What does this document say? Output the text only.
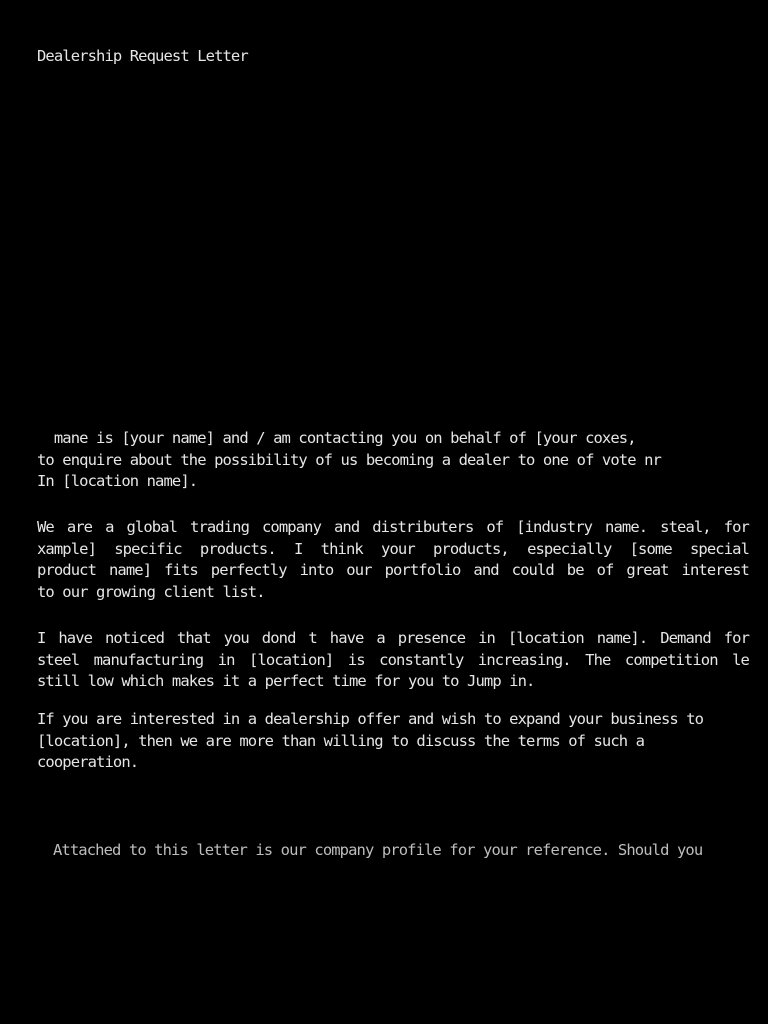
Dealership Request Letter

mane is [your name] and / am contacting you on behalf of [your coxes,
to enquire about the possibility of us becoming a dealer to one of vote nr
In [location name].

We are a global trading company and distributers of [industry name. steal, for
xample] specific products. I think your products, especially [some special
product name] fits perfectly into our portfolio and could be of great interest
to our growing client list.

I have noticed that you dond t have a presence in [location name]. Demand for
steel manufacturing in [location] is constantly increasing. The competition le
still low which makes it a perfect time for you to Jump in.

If you are interested in a dealership offer and wish to expand your business to
[location], then we are more than willing to discuss the terms of such a
cooperation.

Attached to this letter is our company profile for your reference. Should you
